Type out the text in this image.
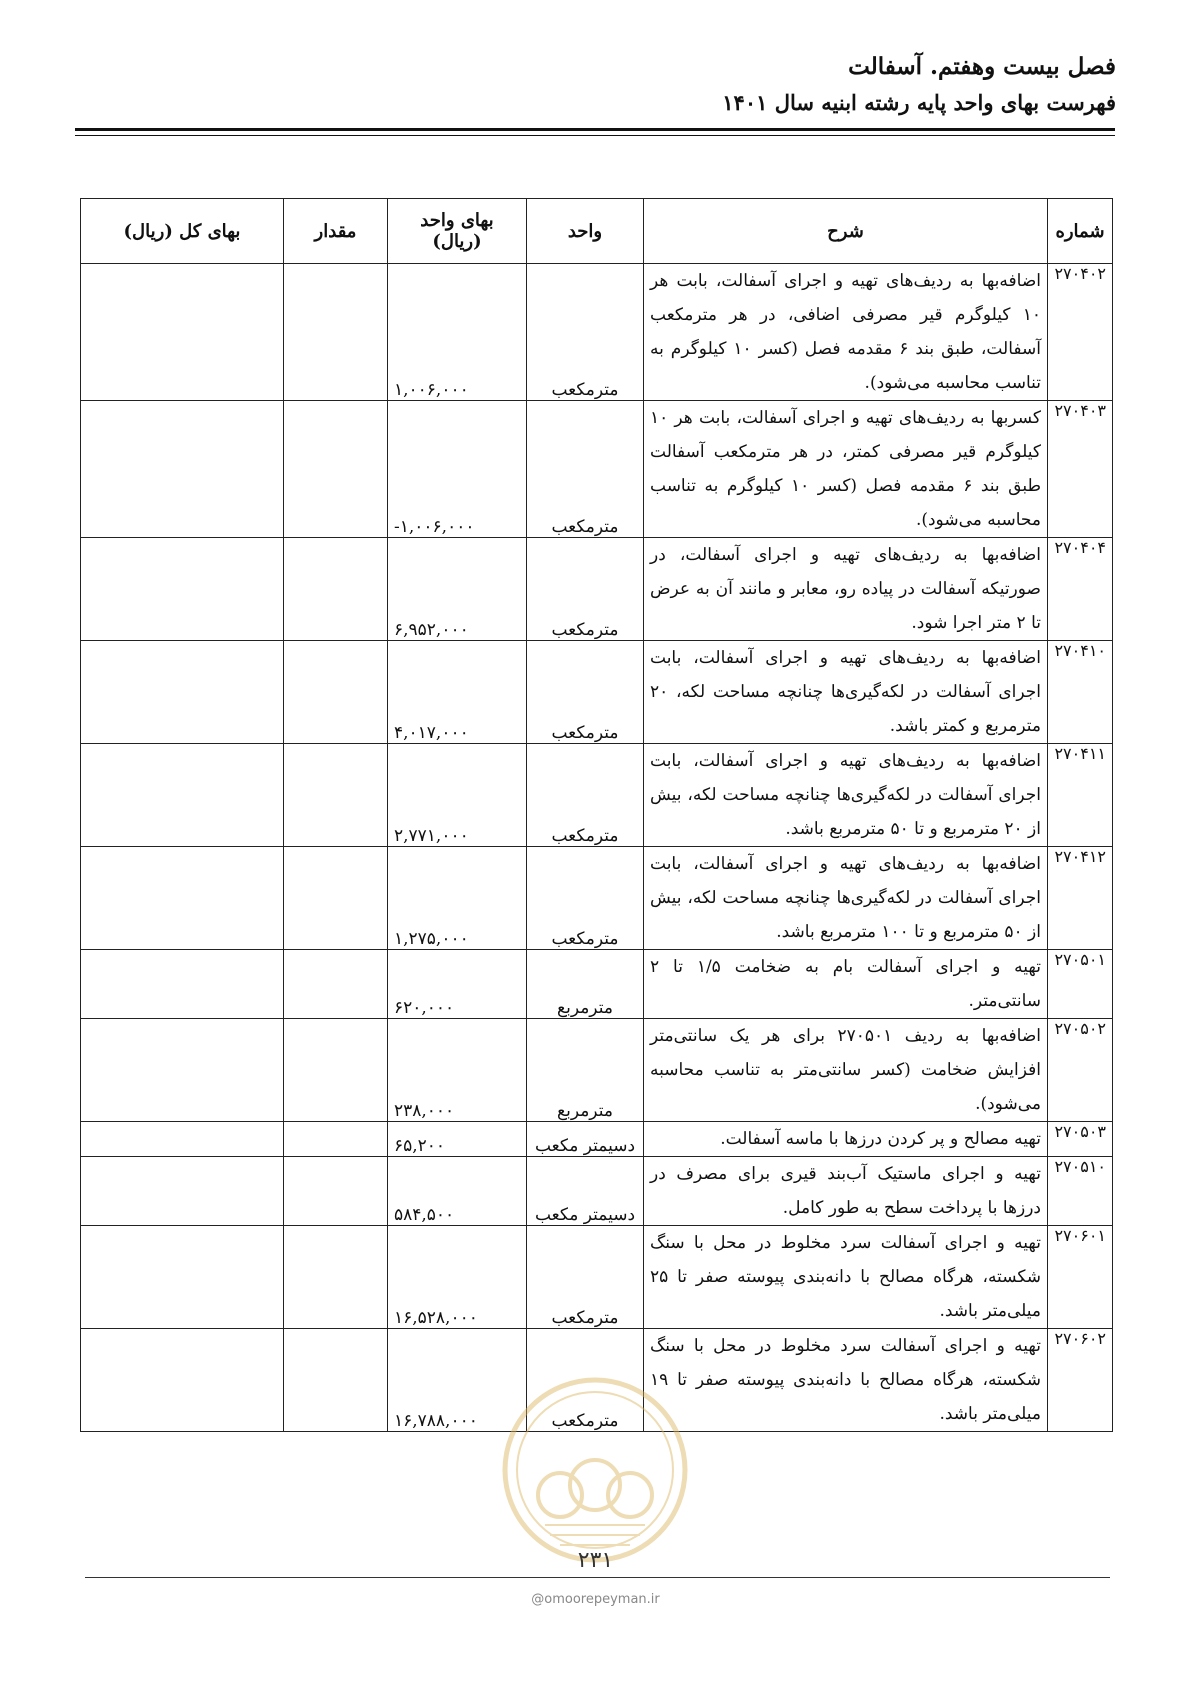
فصل بیست وهفتم. آسفالت
فهرست بهای واحد پایه رشته ابنیه سال ۱۴۰۱
شماره	شرح	واحد	بهای واحد (ریال)	مقدار	بهای کل (ریال)
۲۷۰۴۰۲	اضافه‌بها به ردیف‌های تهیه و اجرای آسفالت، بابت هر ۱۰ کیلوگرم قیر مصرفی اضافی، در هر مترمکعب آسفالت، طبق بند ۶ مقدمه فصل (کسر ۱۰ کیلوگرم به تناسب محاسبه می‌شود).	مترمکعب	۱,۰۰۶,۰۰۰		
۲۷۰۴۰۳	کسربها به ردیف‌های تهیه و اجرای آسفالت، بابت هر ۱۰ کیلوگرم قیر مصرفی کمتر، در هر مترمکعب آسفالت طبق بند ۶ مقدمه فصل (کسر ۱۰ کیلوگرم به تناسب محاسبه می‌شود).	مترمکعب	-۱,۰۰۶,۰۰۰		
۲۷۰۴۰۴	اضافه‌بها به ردیف‌های تهیه و اجرای آسفالت، در صورتیکه آسفالت در پیاده رو، معابر و مانند آن به عرض تا ۲ متر اجرا شود.	مترمکعب	۶,۹۵۲,۰۰۰		
۲۷۰۴۱۰	اضافه‌بها به ردیف‌های تهیه و اجرای آسفالت، بابت اجرای آسفالت در لکه‌گیری‌ها چنانچه مساحت لکه، ۲۰ مترمربع و کمتر باشد.	مترمکعب	۴,۰۱۷,۰۰۰		
۲۷۰۴۱۱	اضافه‌بها به ردیف‌های تهیه و اجرای آسفالت، بابت اجرای آسفالت در لکه‌گیری‌ها چنانچه مساحت لکه، بیش از ۲۰ مترمربع و تا ۵۰ مترمربع باشد.	مترمکعب	۲,۷۷۱,۰۰۰		
۲۷۰۴۱۲	اضافه‌بها به ردیف‌های تهیه و اجرای آسفالت، بابت اجرای آسفالت در لکه‌گیری‌ها چنانچه مساحت لکه، بیش از ۵۰ مترمربع و تا ۱۰۰ مترمربع باشد.	مترمکعب	۱,۲۷۵,۰۰۰		
۲۷۰۵۰۱	تهیه و اجرای آسفالت بام به ضخامت ۱/۵ تا ۲ سانتی‌متر.	مترمربع	۶۲۰,۰۰۰		
۲۷۰۵۰۲	اضافه‌بها به ردیف ۲۷۰۵۰۱ برای هر یک سانتی‌متر افزایش ضخامت (کسر سانتی‌متر به تناسب محاسبه می‌شود).	مترمربع	۲۳۸,۰۰۰		
۲۷۰۵۰۳	تهیه مصالح و پر کردن درزها با ماسه آسفالت.	دسیمتر مکعب	۶۵,۲۰۰		
۲۷۰۵۱۰	تهیه و اجرای ماستیک آب‌بند قیری برای مصرف در درزها با پرداخت سطح به طور کامل.	دسیمتر مکعب	۵۸۴,۵۰۰		
۲۷۰۶۰۱	تهیه و اجرای آسفالت سرد مخلوط در محل با سنگ شکسته، هرگاه مصالح با دانه‌بندی پیوسته صفر تا ۲۵ میلی‌متر باشد.	مترمکعب	۱۶,۵۲۸,۰۰۰		
۲۷۰۶۰۲	تهیه و اجرای آسفالت سرد مخلوط در محل با سنگ شکسته، هرگاه مصالح با دانه‌بندی پیوسته صفر تا ۱۹ میلی‌متر باشد.	مترمکعب	۱۶,۷۸۸,۰۰۰		
۲۳۱
@omoorepeyman.ir
